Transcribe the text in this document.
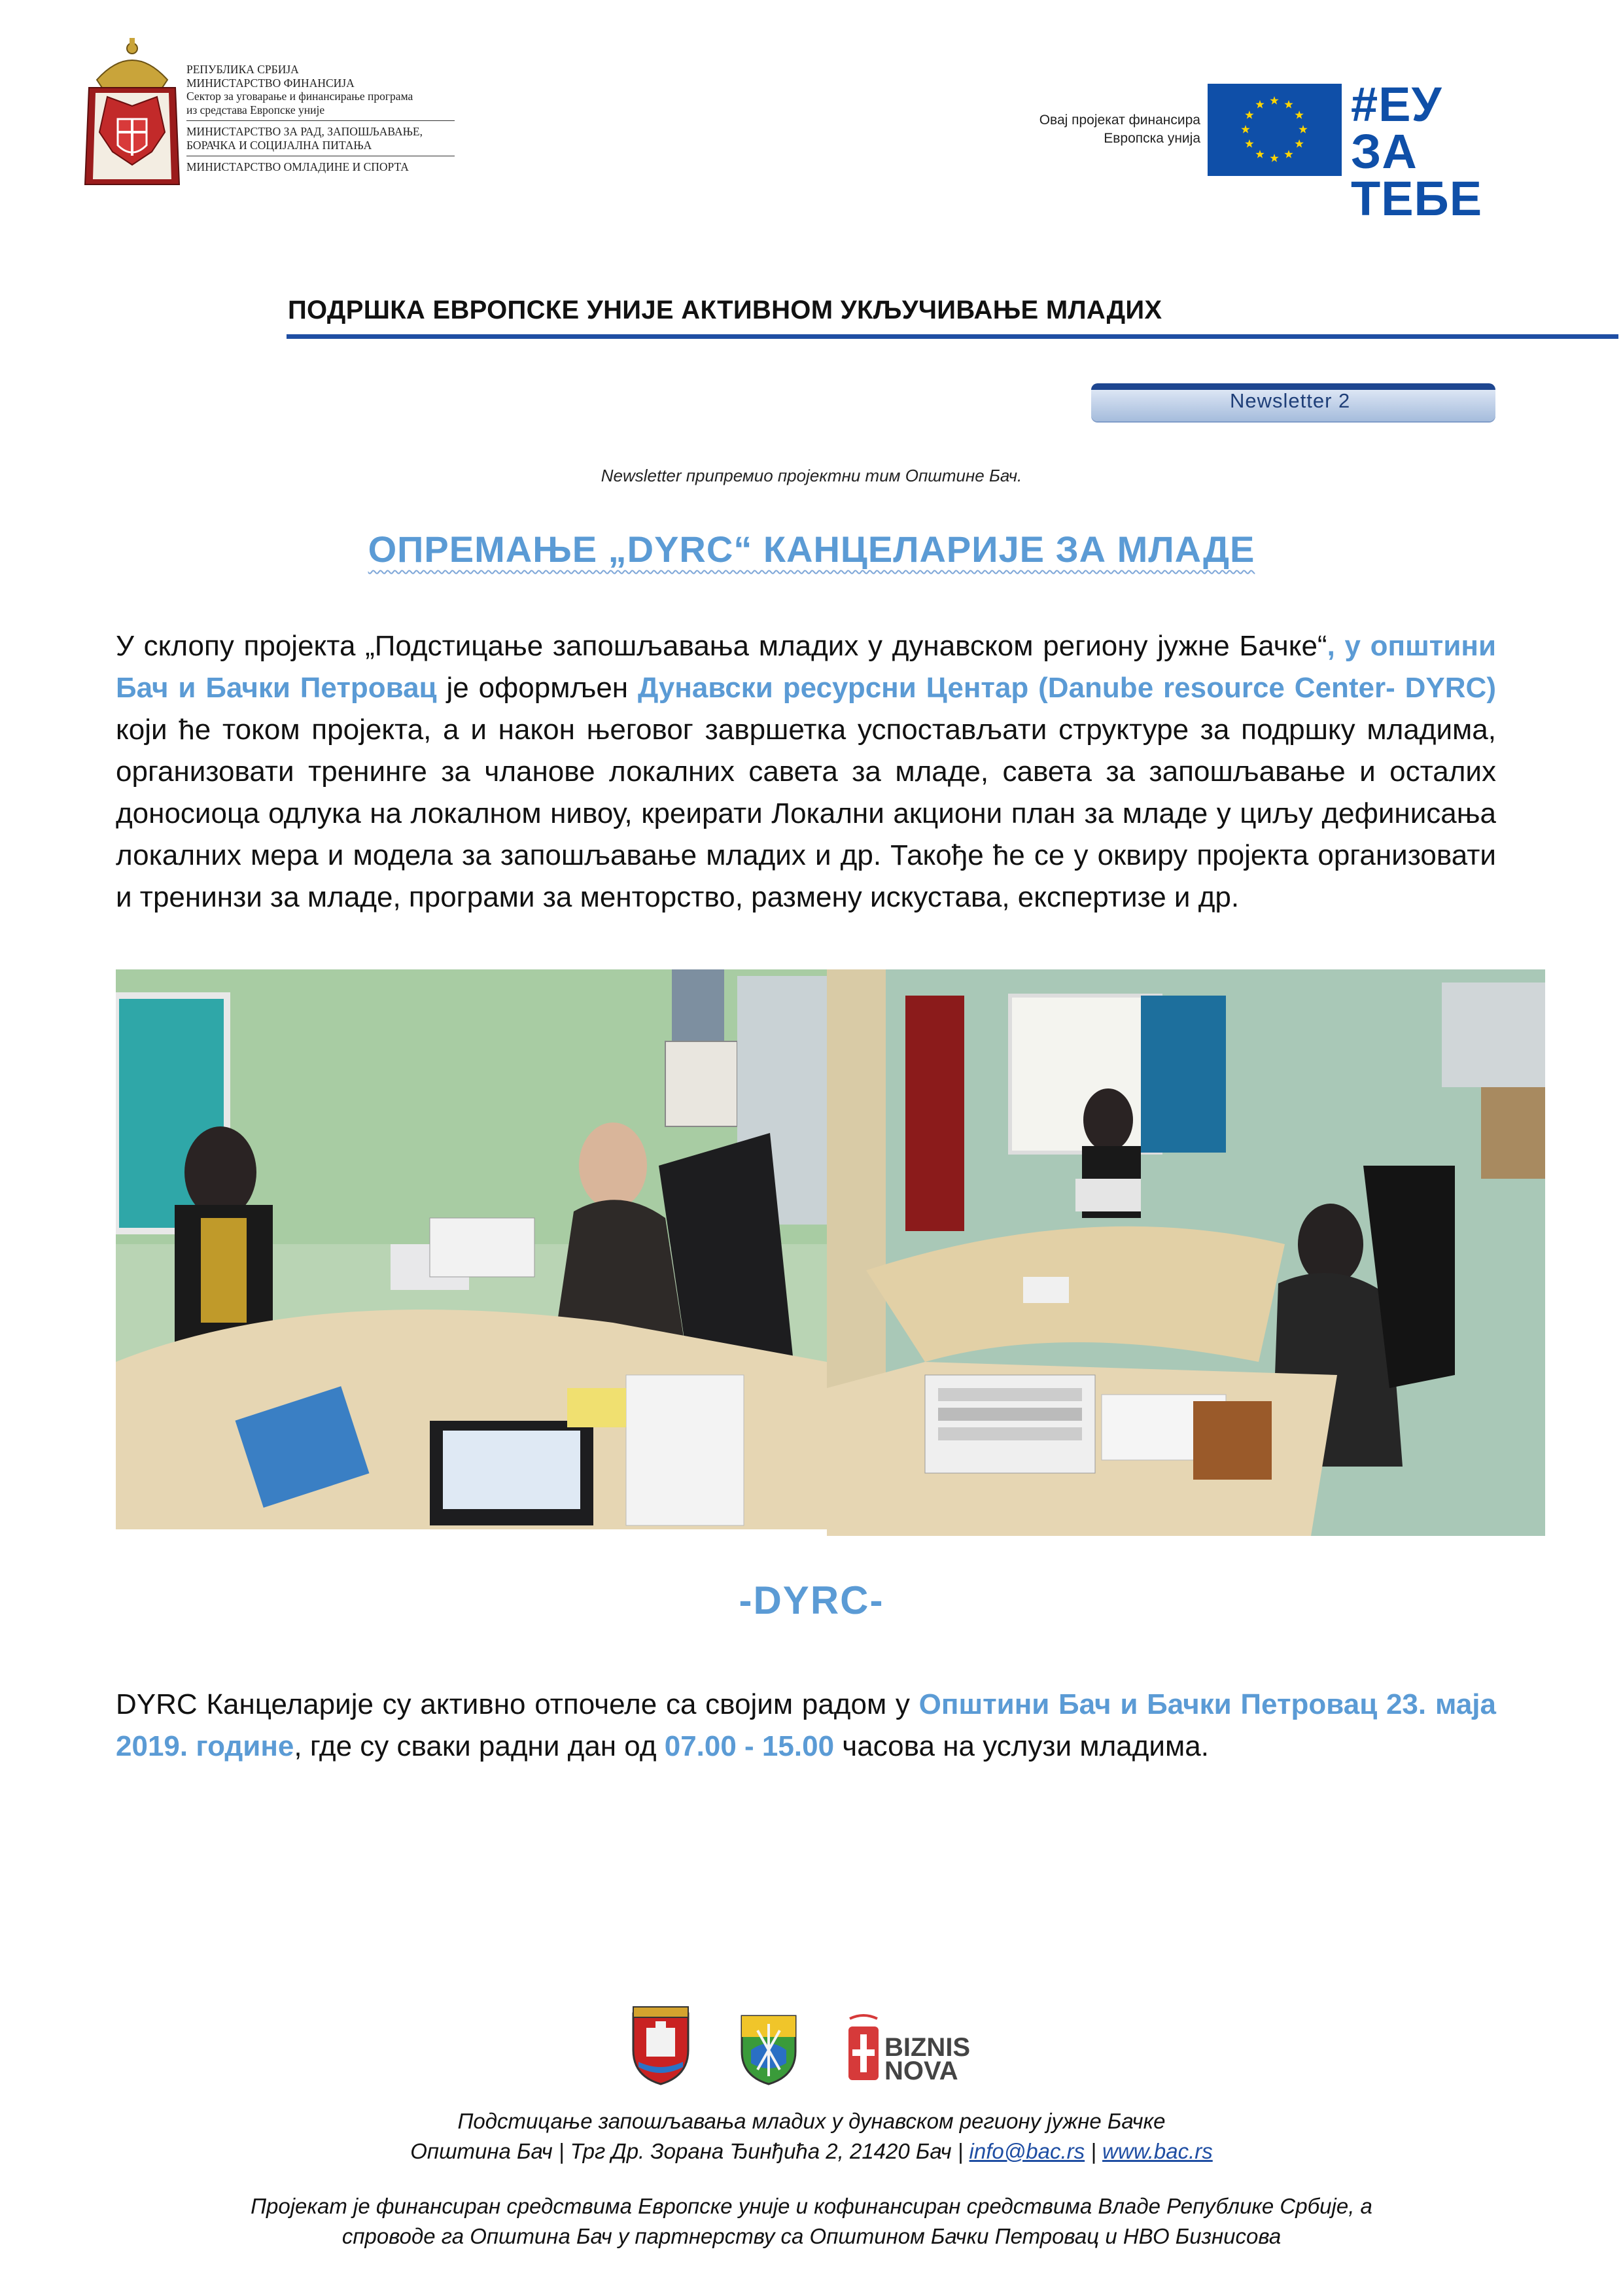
РЕПУБЛИКА СРБИЈА
МИНИСТАРСТВО ФИНАНСИЈА
Сектор за уговарање и финансирање програма
из средстава Европске уније
МИНИСТАРСТВО ЗА РАД, ЗАПОШЉАВАЊЕ,
БОРАЧКА И СОЦИЈАЛНА ПИТАЊА
МИНИСТАРСТВО ОМЛАДИНЕ И СПОРТА
Овај пројекат финансира
Европска унија
#ЕУ
ЗА ТЕБЕ
ПОДРШКА ЕВРОПСКЕ УНИЈЕ АКТИВНОМ УКЉУЧИВАЊЕ МЛАДИХ
Newsletter 2
Newsletter припремио пројектни тим Општине Бач.
ОПРЕМАЊЕ „DYRC“ КАНЦЕЛАРИЈЕ ЗА МЛАДЕ
У склопу пројекта „Подстицање запошљавања младих у дунавском региону јужне Бачке“, у општини Бач и Бачки Петровац је оформљен Дунавски ресурсни Центар (Danube resource Center- DYRC) који ће током пројекта, а и након његовог завршетка успостављати структуре за подршку младима, организовати тренинге за чланове локалних савета за младе, савета за запошљавање и осталих доносиоца одлука на локалном нивоу, креирати Локални акциони план за младе у циљу дефинисања локалних мера и модела за запошљавање младих и др. Такође ће се у оквиру пројекта организовати и тренинзи за младе, програми за менторство, размену искустава, експертизе и др.
-DYRC-
DYRC Канцеларије су активно отпочеле са својим радом у Општини Бач и Бачки Петровац 23. маја 2019. године, где су сваки радни дан од 07.00 - 15.00 часова на услузи младима.
BIZNIS
NOVA
Подстицање запошљавања младих у дунавском региону јужне Бачке
Општина Бач | Трг Др. Зорана Ђинђића 2, 21420 Бач | info@bac.rs | www.bac.rs
Пројекат је финансиран средствима Европске уније и кофинансиран средствима Владе Републике Србије, а
спроводе га Општина Бач у партнерству са Општином Бачки Петровац и НВО Бизнисова
